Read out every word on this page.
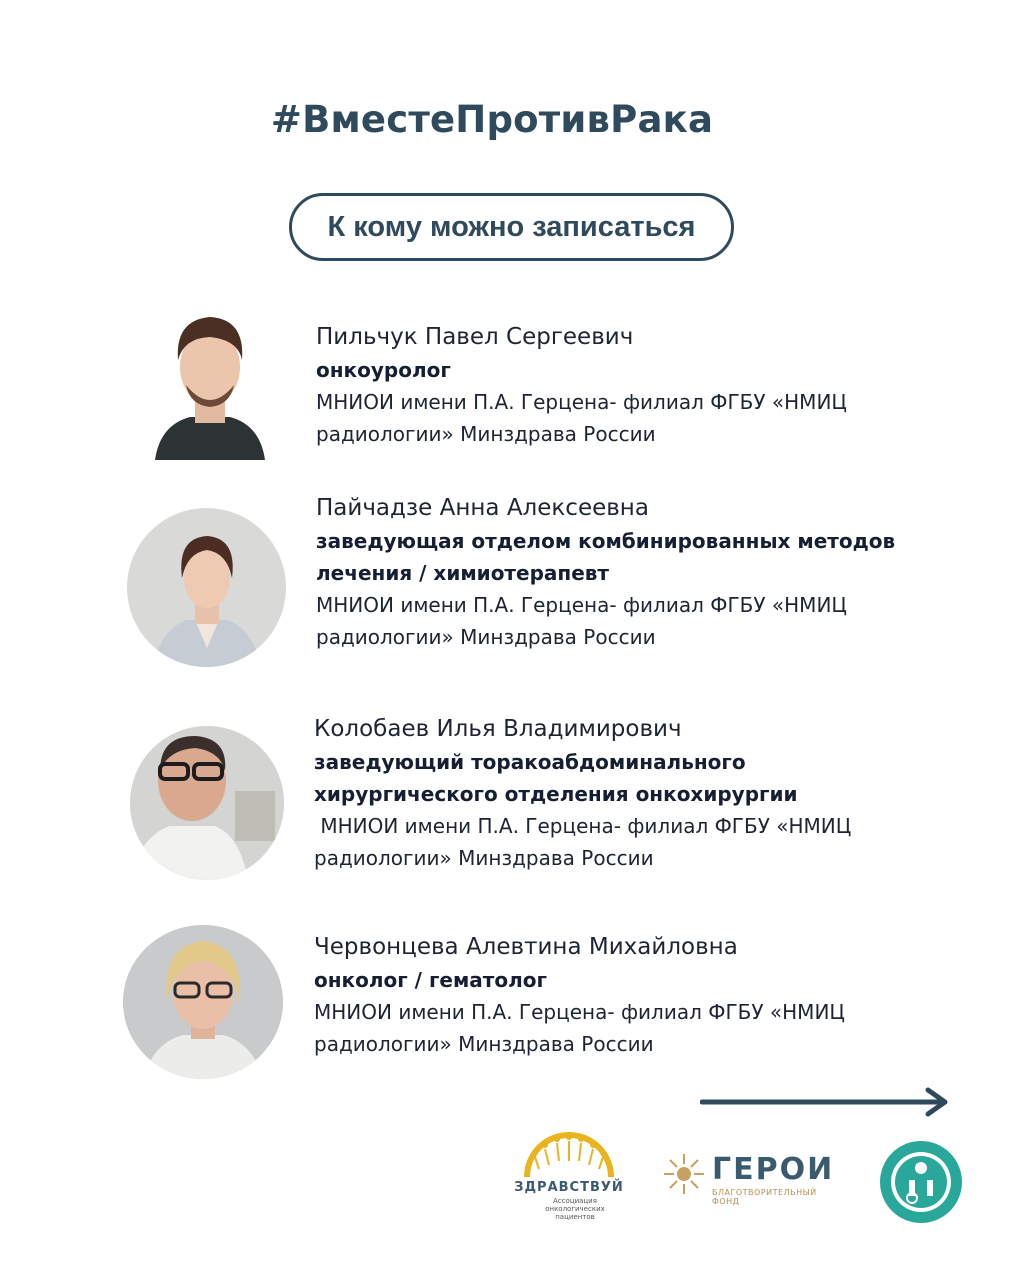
#ВместеПротивРака
К кому можно записаться
Пильчук Павел Сергеевич
онкоуролог
МНИОИ имени П.А. Герцена- филиал ФГБУ «НМИЦ радиологии» Минздрава России
Пайчадзе Анна Алексеевна
заведующая отделом комбинированных методов лечения / химиотерапевт
МНИОИ имени П.А. Герцена- филиал ФГБУ «НМИЦ радиологии» Минздрава России
Колобаев Илья Владимирович
заведующий торакоабдоминального хирургического отделения онкохирургии
МНИОИ имени П.А. Герцена- филиал ФГБУ «НМИЦ радиологии» Минздрава России
Червонцева Алевтина Михайловна
онколог / гематолог
МНИОИ имени П.А. Герцена- филиал ФГБУ «НМИЦ радиологии» Минздрава России
ЗДРАВСТВУЙ
Ассоциация онкологических пациентов
ГЕРОИ
БЛАГОТВОРИТЕЛЬНЫЙ ФОНД
